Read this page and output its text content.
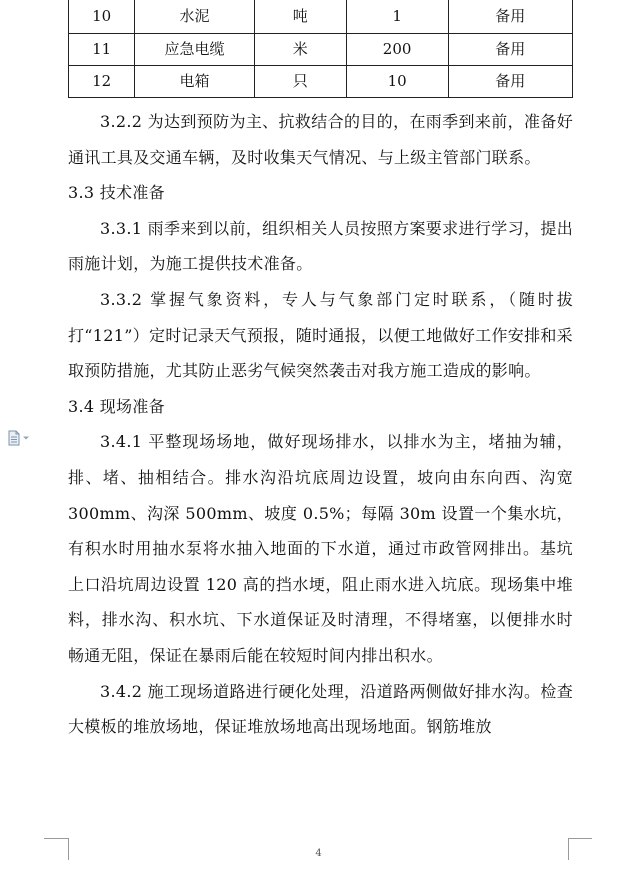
10	水泥	吨	1	备用
11	应急电缆	米	200	备用
12	电箱	只	10	备用

3.2.2 为达到预防为主、抗救结合的目的，在雨季到来前，准备好通讯工具及交通车辆，及时收集天气情况、与上级主管部门联系。

3.3 技术准备

3.3.1 雨季来到以前，组织相关人员按照方案要求进行学习，提出雨施计划，为施工提供技术准备。

3.3.2 掌握气象资料，专人与气象部门定时联系，（随时拔打“121”）定时记录天气预报，随时通报，以便工地做好工作安排和采取预防措施，尤其防止恶劣气候突然袭击对我方施工造成的影响。

3.4 现场准备

3.4.1 平整现场场地，做好现场排水，以排水为主，堵抽为辅，排、堵、抽相结合。排水沟沿坑底周边设置，坡向由东向西、沟宽 300mm、沟深 500mm、坡度 0.5%；每隔 30m 设置一个集水坑，有积水时用抽水泵将水抽入地面的下水道，通过市政管网排出。基坑上口沿坑周边设置 120 高的挡水埂，阻止雨水进入坑底。现场集中堆料，排水沟、积水坑、下水道保证及时清理，不得堵塞，以便排水时畅通无阻，保证在暴雨后能在较短时间内排出积水。

3.4.2 施工现场道路进行硬化处理，沿道路两侧做好排水沟。检查大模板的堆放场地，保证堆放场地高出现场地面。钢筋堆放

4
